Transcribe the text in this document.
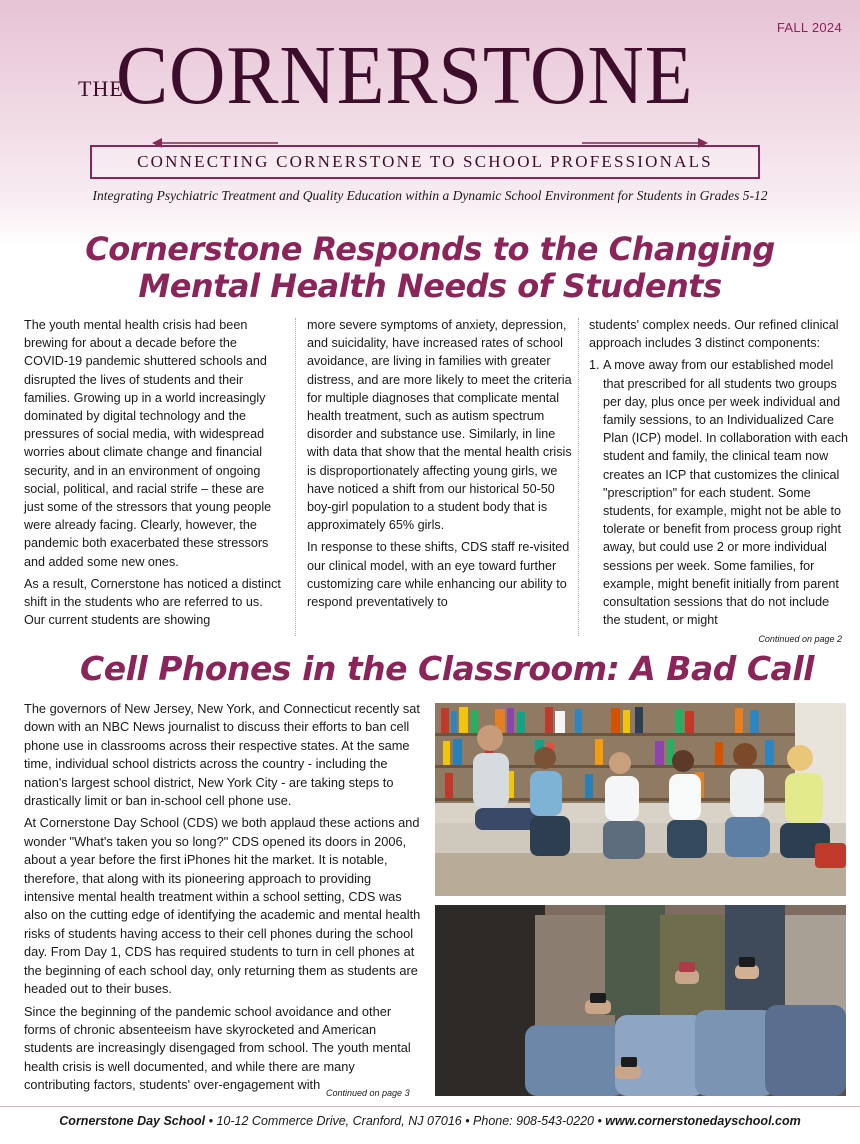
FALL 2024
THE
CORNERSTONE
CONNECTING CORNERSTONE TO SCHOOL PROFESSIONALS
Integrating Psychiatric Treatment and Quality Education within a Dynamic School Environment for Students in Grades 5-12
Cornerstone Responds to the Changing
Mental Health Needs of Students

The youth mental health crisis had been brewing for about a decade before the COVID-19 pandemic shuttered schools and disrupted the lives of students and their families. Growing up in a world increasingly dominated by digital technology and the pressures of social media, with widespread worries about climate change and financial security, and in an environment of ongoing social, political, and racial strife – these are just some of the stressors that young people were already facing. Clearly, however, the pandemic both exacerbated these stressors and added some new ones.

As a result, Cornerstone has noticed a distinct shift in the students who are referred to us. Our current students are showing

more severe symptoms of anxiety, depression, and suicidality, have increased rates of school avoidance, are living in families with greater distress, and are more likely to meet the criteria for multiple diagnoses that complicate mental health treatment, such as autism spectrum disorder and substance use. Similarly, in line with data that show that the mental health crisis is disproportionately affecting young girls, we have noticed a shift from our historical 50-50 boy-girl population to a student body that is approximately 65% girls.

In response to these shifts, CDS staff re-visited our clinical model, with an eye toward further customizing care while enhancing our ability to respond preventatively to

students' complex needs. Our refined clinical approach includes 3 distinct components:

1. A move away from our established model that prescribed for all students two groups per day, plus once per week individual and family sessions, to an Individualized Care Plan (ICP) model. In collaboration with each student and family, the clinical team now creates an ICP that customizes the clinical "prescription" for each student. Some students, for example, might not be able to tolerate or benefit from process group right away, but could use 2 or more individual sessions per week. Some families, for example, might benefit initially from parent consultation sessions that do not include the student, or might
Continued on page 2
Cell Phones in the Classroom: A Bad Call

The governors of New Jersey, New York, and Connecticut recently sat down with an NBC News journalist to discuss their efforts to ban cell phone use in classrooms across their respective states. At the same time, individual school districts across the country - including the nation's largest school district, New York City - are taking steps to drastically limit or ban in-school cell phone use.

At Cornerstone Day School (CDS) we both applaud these actions and wonder "What's taken you so long?" CDS opened its doors in 2006, about a year before the first iPhones hit the market. It is notable, therefore, that along with its pioneering approach to providing intensive mental health treatment within a school setting, CDS was also on the cutting edge of identifying the academic and mental health risks of students having access to their cell phones during the school day. From Day 1, CDS has required students to turn in cell phones at the beginning of each school day, only returning them as students are headed out to their buses.

Since the beginning of the pandemic school avoidance and other forms of chronic absenteeism have skyrocketed and American students are increasingly disengaged from school. The youth mental health crisis is well documented, and while there are many contributing factors, students' over-engagement with

Continued on page 3
Cornerstone Day School • 10-12 Commerce Drive, Cranford, NJ 07016 • Phone: 908-543-0220 • www.cornerstonedayschool.com
